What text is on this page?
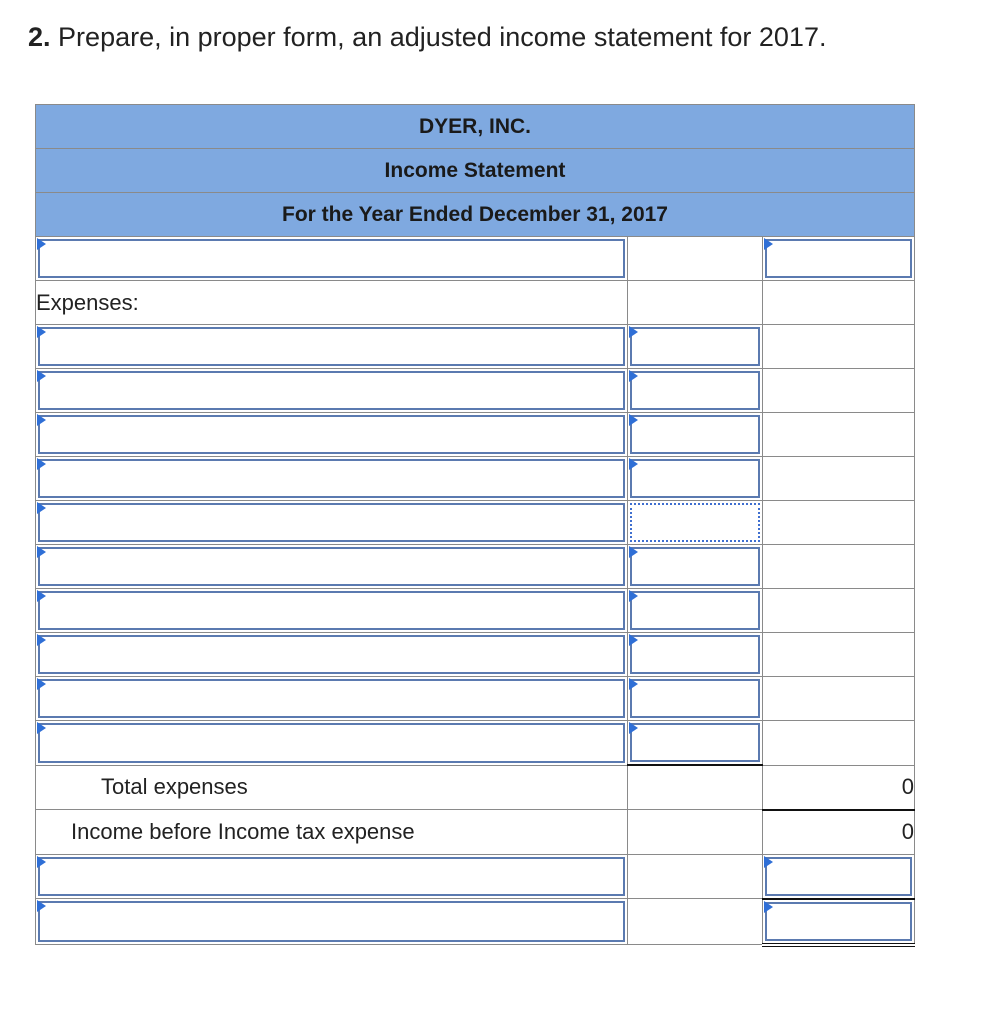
2. Prepare, in proper form, an adjusted income statement for 2017.
DYER, INC.		
Income Statement		
For the Year Ended December 31, 2017		

Expenses:		

Total expenses		0
Income before Income tax expense		0
